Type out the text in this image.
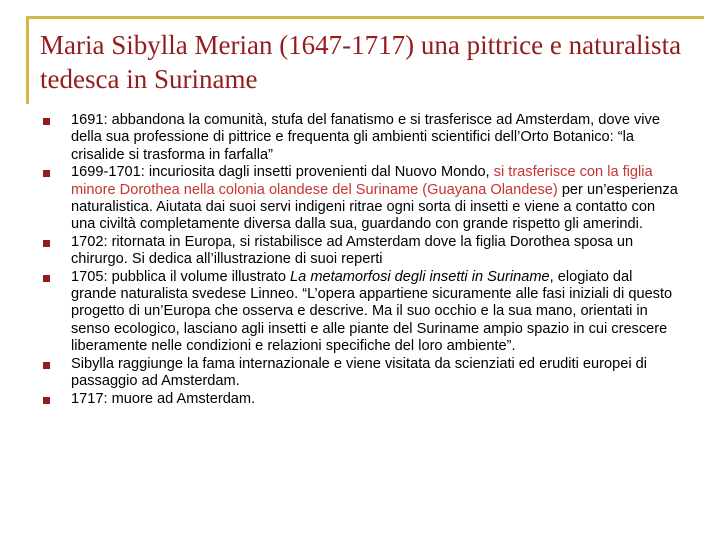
Maria Sibylla Merian (1647-1717) una pittrice e naturalista tedesca in Suriname
1691: abbandona la comunità, stufa del fanatismo e si trasferisce ad Amsterdam, dove vive della sua professione di pittrice e frequenta gli ambienti scientifici dell’Orto Botanico: “la crisalide si trasforma in farfalla”
1699-1701: incuriosita dagli insetti provenienti dal Nuovo Mondo, si trasferisce con la figlia minore Dorothea nella colonia olandese del Suriname (Guayana Olandese) per un’esperienza naturalistica. Aiutata dai suoi servi indigeni ritrae ogni sorta di insetti e viene a contatto con una civiltà completamente diversa dalla sua, guardando con grande rispetto gli amerindi.
1702: ritornata in Europa, si ristabilisce ad Amsterdam dove la figlia Dorothea sposa un chirurgo. Si dedica all’illustrazione di suoi reperti
1705: pubblica il volume illustrato La metamorfosi degli insetti in Suriname, elogiato dal grande naturalista svedese Linneo. “L’opera appartiene sicuramente alle fasi iniziali di questo progetto di un’Europa che osserva e descrive. Ma il suo occhio e la sua mano, orientati in senso ecologico, lasciano agli insetti e alle piante del Suriname ampio spazio in cui crescere liberamente nelle condizioni e relazioni specifiche del loro ambiente”.
Sibylla raggiunge la fama internazionale e viene visitata da scienziati ed eruditi europei di passaggio ad Amsterdam.
1717: muore ad Amsterdam.
